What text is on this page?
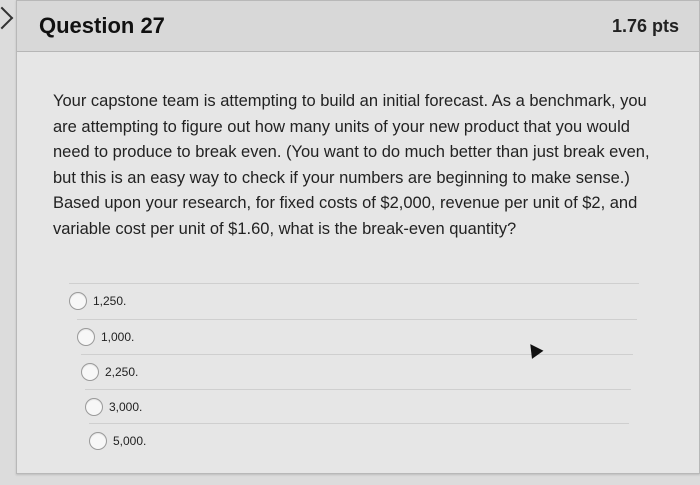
Question 27	1.76 pts
Your capstone team is attempting to build an initial forecast. As a benchmark, you are attempting to figure out how many units of your new product that you would need to produce to break even. (You want to do much better than just break even, but this is an easy way to check if your numbers are beginning to make sense.) Based upon your research, for fixed costs of $2,000, revenue per unit of $2, and variable cost per unit of $1.60, what is the break-even quantity?
1,250.
1,000.
2,250.
3,000.
5,000.
